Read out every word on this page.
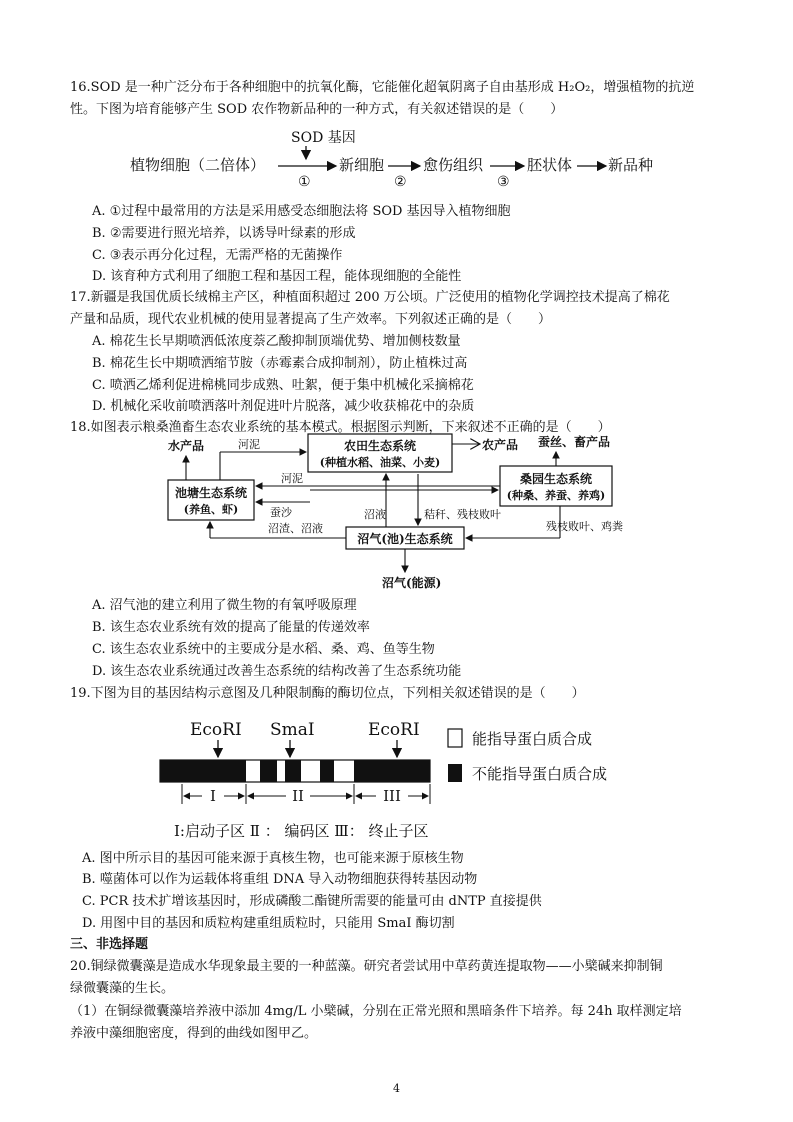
16.SOD 是一种广泛分布于各种细胞中的抗氧化酶，它能催化超氧阴离子自由基形成 H₂O₂，增强植物的抗逆
性。下图为培育能够产生 SOD 农作物新品种的一种方式，有关叙述错误的是（　　）
SOD 基因
植物细胞（二倍体）
①
新细胞
②
愈伤组织
③
胚状体 新品种
A. ①过程中最常用的方法是采用感受态细胞法将 SOD 基因导入植物细胞
B. ②需要进行照光培养，以诱导叶绿素的形成
C. ③表示再分化过程，无需严格的无菌操作
D. 该育种方式利用了细胞工程和基因工程，能体现细胞的全能性
17.新疆是我国优质长绒棉主产区，种植面积超过 200 万公顷。广泛使用的植物化学调控技术提高了棉花
产量和品质，现代农业机械的使用显著提高了生产效率。下列叙述正确的是（　　）
A. 棉花生长早期喷洒低浓度萘乙酸抑制顶端优势、增加侧枝数量
B. 棉花生长中期喷洒缩节胺（赤霉素合成抑制剂），防止植株过高
C. 喷洒乙烯利促进棉桃同步成熟、吐絮，便于集中机械化采摘棉花
D. 机械化采收前喷洒落叶剂促进叶片脱落，减少收获棉花中的杂质
18.如图表示粮桑渔畜生态农业系统的基本模式。根据图示判断，下来叙述不正确的是（　　）
农田生态系统
(种植水稻、油菜、小麦)
池塘生态系统
(养鱼、虾)
桑园生态系统
(种桑、养蚕、养鸡)
沼气(池)生态系统
水产品	农产品 蚕丝、畜产品
沼气(能源)
河泥
河泥
蚕沙
沼渣、沼液
沼液	秸秆、残枝败叶
残枝败叶、鸡粪
A. 沼气池的建立利用了微生物的有氧呼吸原理
B. 该生态农业系统有效的提高了能量的传递效率
C. 该生态农业系统中的主要成分是水稻、桑、鸡、鱼等生物
D. 该生态农业系统通过改善生态系统的结构改善了生态系统功能
19.下图为目的基因结构示意图及几种限制酶的酶切位点，下列相关叙述错误的是（　　）
EcoRI SmaI	EcoRI
I	II	III
能指导蛋白质合成
不能指导蛋白质合成
Ⅰ:启动子区 Ⅱ ： 编码区 Ⅲ： 终止子区
A. 图中所示目的基因可能来源于真核生物，也可能来源于原核生物
B. 噬菌体可以作为运载体将重组 DNA 导入动物细胞获得转基因动物
C. PCR 技术扩增该基因时，形成磷酸二酯键所需要的能量可由 dNTP 直接提供
D. 用图中目的基因和质粒构建重组质粒时，只能用 SmaI 酶切割
三、非选择题
20.铜绿微囊藻是造成水华现象最主要的一种蓝藻。研究者尝试用中草药黄连提取物——小檗碱来抑制铜
绿微囊藻的生长。
（1）在铜绿微囊藻培养液中添加 4mg/L 小檗碱，分别在正常光照和黑暗条件下培养。每 24h 取样测定培
养液中藻细胞密度，得到的曲线如图甲乙。
4
